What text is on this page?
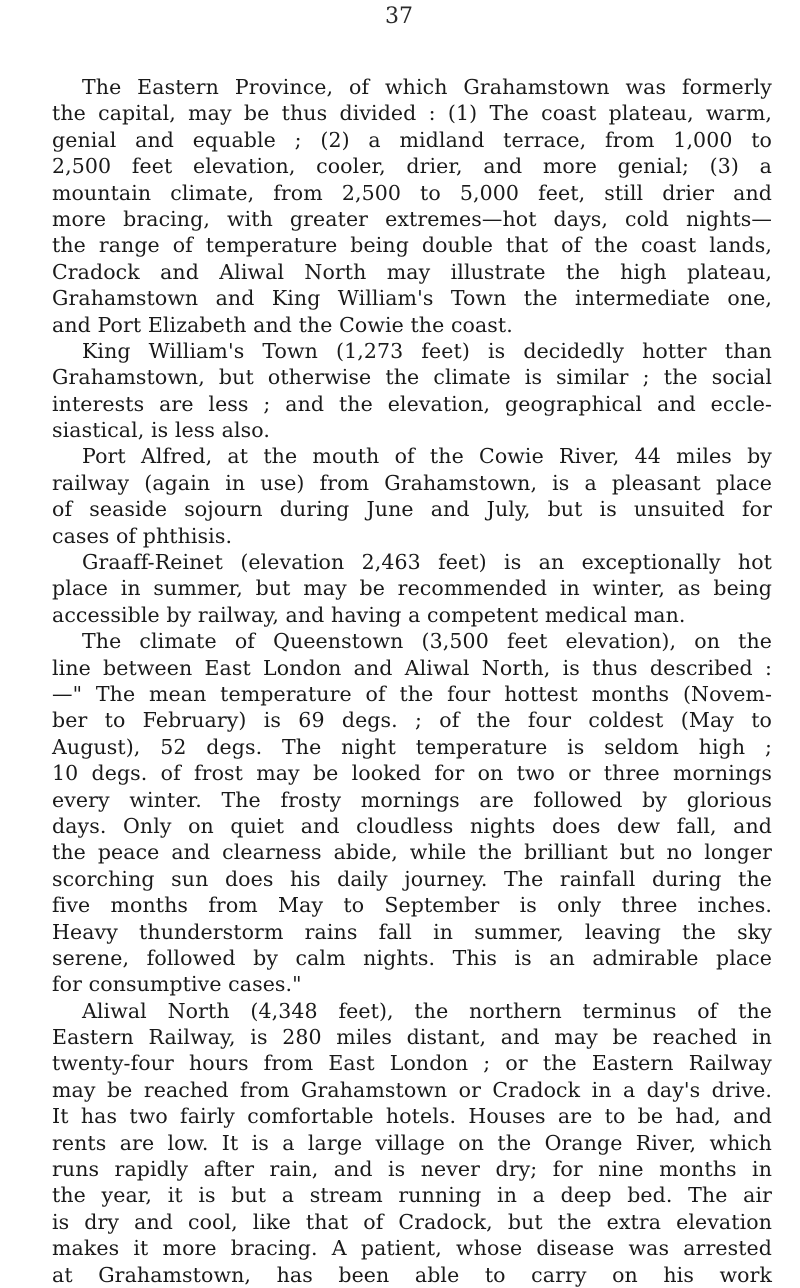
37
The Eastern Province, of which Grahamstown was formerly
the capital, may be thus divided : (1) The coast plateau, warm,
genial and equable ; (2) a midland terrace, from 1,000 to
2,500 feet elevation, cooler, drier, and more genial; (3) a
mountain climate, from 2,500 to 5,000 feet, still drier and
more bracing, with greater extremes—hot days, cold nights—
the range of temperature being double that of the coast lands,
Cradock and Aliwal North may illustrate the high plateau,
Grahamstown and King William's Town the intermediate one,
and Port Elizabeth and the Cowie the coast.
King William's Town (1,273 feet) is decidedly hotter than
Grahamstown, but otherwise the climate is similar ; the social
interests are less ; and the elevation, geographical and eccle-
siastical, is less also.
Port Alfred, at the mouth of the Cowie River, 44 miles by
railway (again in use) from Grahamstown, is a pleasant place
of seaside sojourn during June and July, but is unsuited for
cases of phthisis.
Graaff-Reinet (elevation 2,463 feet) is an exceptionally hot
place in summer, but may be recommended in winter, as being
accessible by railway, and having a competent medical man.
The climate of Queenstown (3,500 feet elevation), on the
line between East London and Aliwal North, is thus described :
—" The mean temperature of the four hottest months (Novem-
ber to February) is 69 degs. ; of the four coldest (May to
August), 52 degs. The night temperature is seldom high ;
10 degs. of frost may be looked for on two or three mornings
every winter. The frosty mornings are followed by glorious
days. Only on quiet and cloudless nights does dew fall, and
the peace and clearness abide, while the brilliant but no longer
scorching sun does his daily journey. The rainfall during the
five months from May to September is only three inches.
Heavy thunderstorm rains fall in summer, leaving the sky
serene, followed by calm nights. This is an admirable place
for consumptive cases."
Aliwal North (4,348 feet), the northern terminus of the
Eastern Railway, is 280 miles distant, and may be reached in
twenty-four hours from East London ; or the Eastern Railway
may be reached from Grahamstown or Cradock in a day's drive.
It has two fairly comfortable hotels. Houses are to be had, and
rents are low. It is a large village on the Orange River, which
runs rapidly after rain, and is never dry; for nine months in
the year, it is but a stream running in a deep bed. The air
is dry and cool, like that of Cradock, but the extra elevation
makes it more bracing. A patient, whose disease was arrested
at Grahamstown, has been able to carry on his work
